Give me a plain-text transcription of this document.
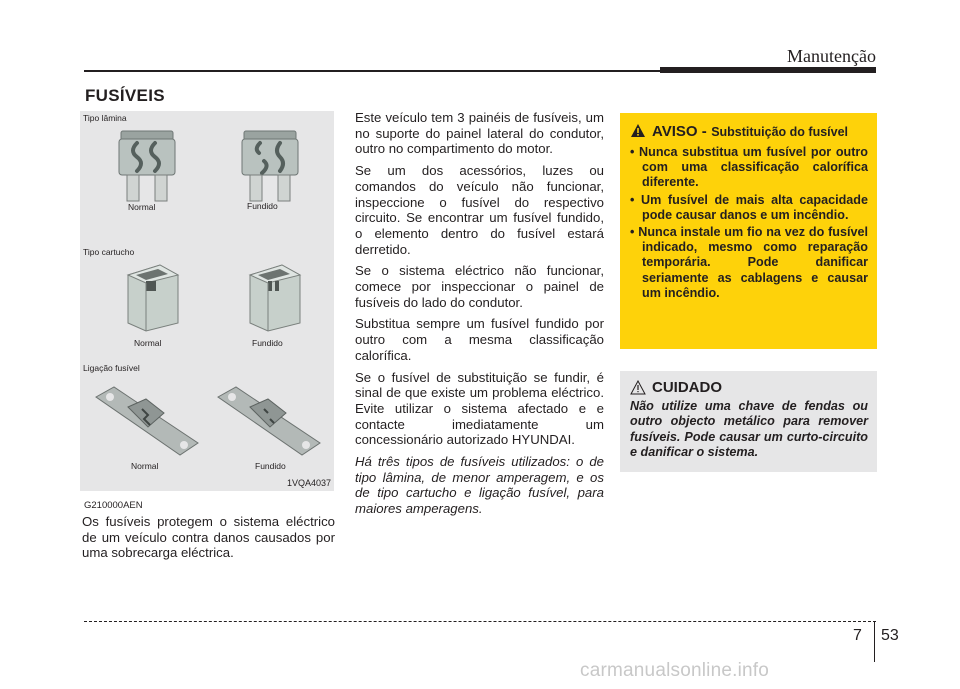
Manutenção
FUSÍVEIS
Tipo lâmina
Normal	Fundido
Tipo cartucho
Normal	Fundido
Ligação fusível
Normal	Fundido
1VQA4037
G210000AEN

Os fusíveis protegem o sistema eléctrico de um veículo contra danos causados por uma sobrecarga eléctrica.

Este veículo tem 3 painéis de fusíveis, um no suporte do painel lateral do condutor, outro no compartimento do motor.

Se um dos acessórios, luzes ou comandos do veículo não funcionar, inspeccione o fusível do respectivo circuito. Se encontrar um fusível fundido, o elemento dentro do fusível estará derretido.

Se o sistema eléctrico não funcionar, comece por inspeccionar o painel de fusíveis do lado do condutor.

Substitua sempre um fusível fundido por outro com a mesma classificação calorífica.

Se o fusível de substituição se fundir, é sinal de que existe um problema eléctrico. Evite utilizar o sistema afectado e e contacte imediatamente um concessionário autorizado HYUNDAI.

Há três tipos de fusíveis utilizados: o de tipo lâmina, de menor amperagem, e os de tipo cartucho e ligação fusível, para maiores amperagens.

AVISO - Substituição do fusível
• Nunca substitua um fusível por outro com uma classificação calorífica diferente.
• Um fusível de mais alta capacidade pode causar danos e um incêndio.
• Nunca instale um fio na vez do fusível indicado, mesmo como reparação temporária. Pode danificar seriamente as cablagens e causar um incêndio.
CUIDADO

Não utilize uma chave de fendas ou outro objecto metálico para remover fusíveis. Pode causar um curto-circuito e danificar o sistema.

7 53
carmanualsonline.info
